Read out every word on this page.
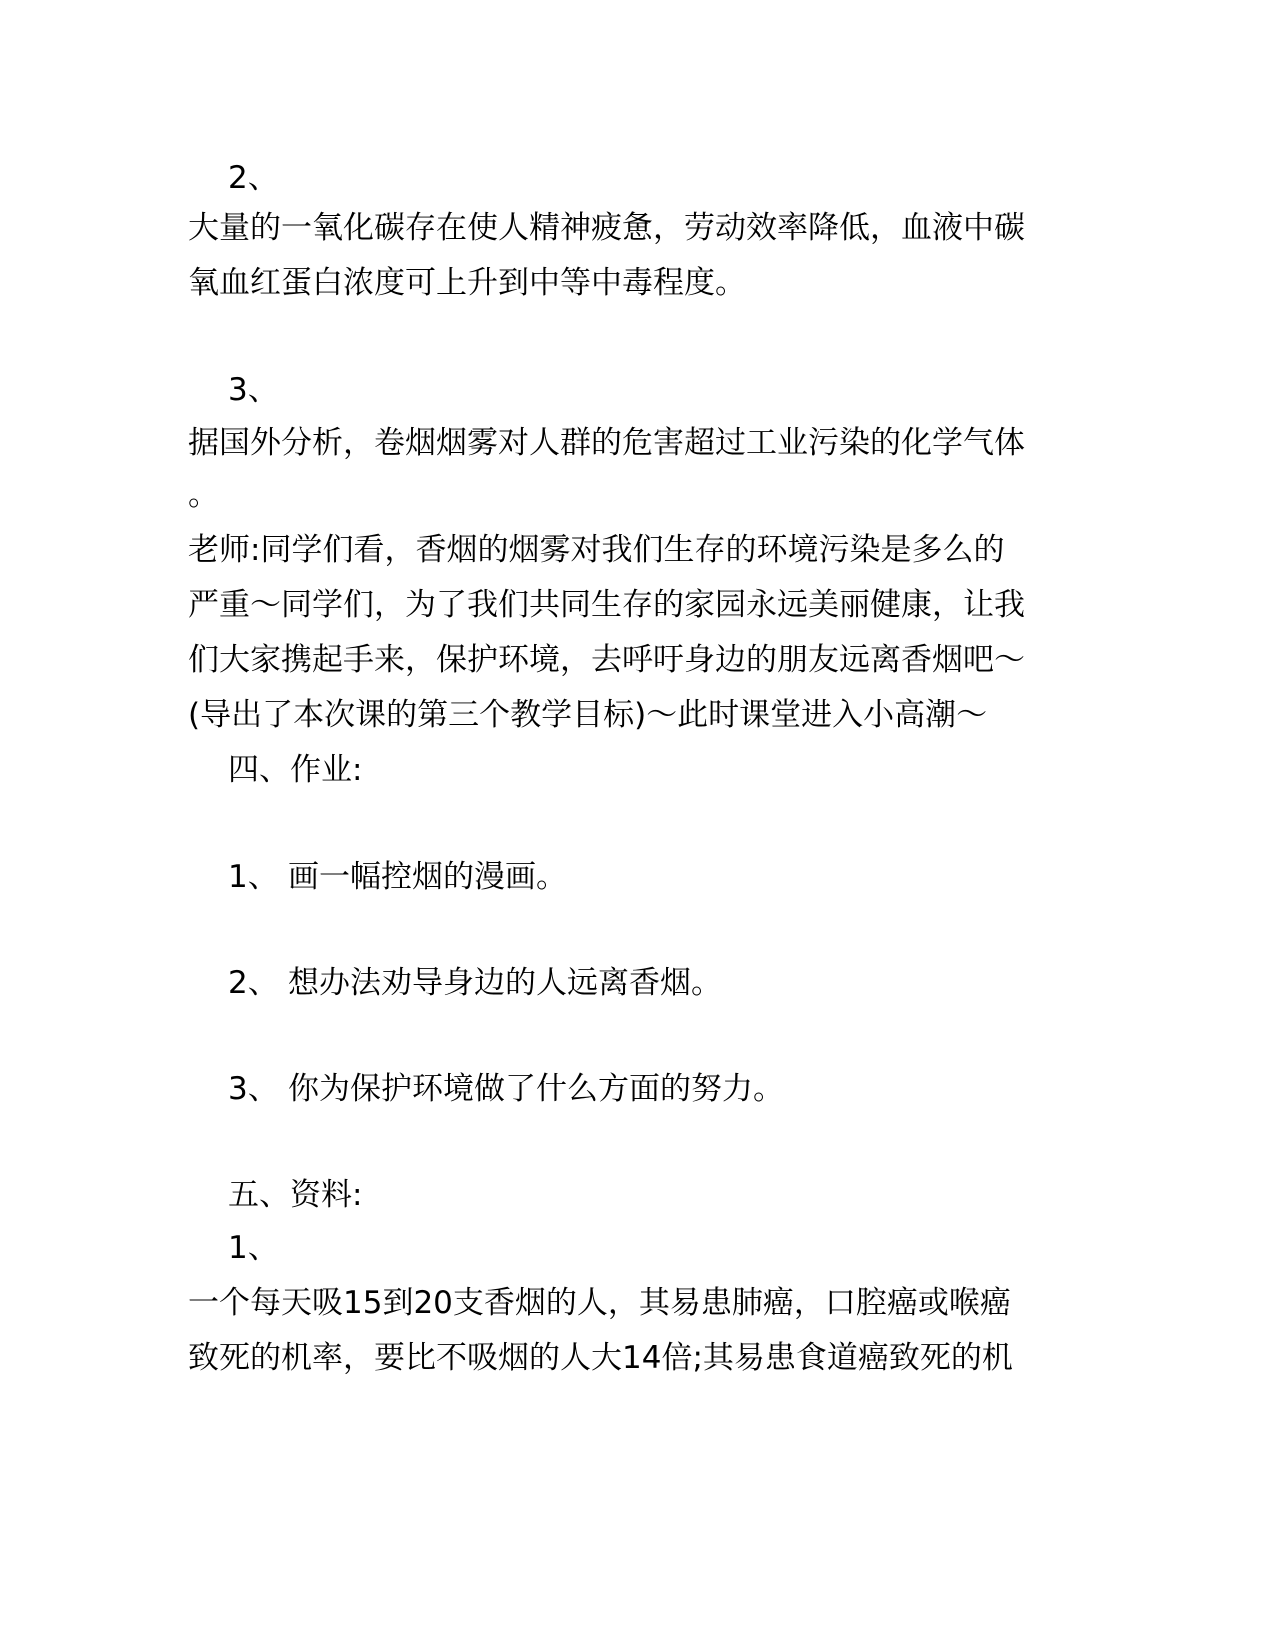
2、
大量的一氧化碳存在使人精神疲惫，劳动效率降低，血液中碳
氧血红蛋白浓度可上升到中等中毒程度。
3、
据国外分析，卷烟烟雾对人群的危害超过工业污染的化学气体
。
老师:同学们看，香烟的烟雾对我们生存的环境污染是多么的
严重～同学们，为了我们共同生存的家园永远美丽健康，让我
们大家携起手来，保护环境，去呼吁身边的朋友远离香烟吧～
(导出了本次课的第三个教学目标)～此时课堂进入小高潮～
四、作业:
1、 画一幅控烟的漫画。
2、 想办法劝导身边的人远离香烟。
3、 你为保护环境做了什么方面的努力。
五、资料:
1、
一个每天吸15到20支香烟的人，其易患肺癌，口腔癌或喉癌
致死的机率，要比不吸烟的人大14倍;其易患食道癌致死的机
